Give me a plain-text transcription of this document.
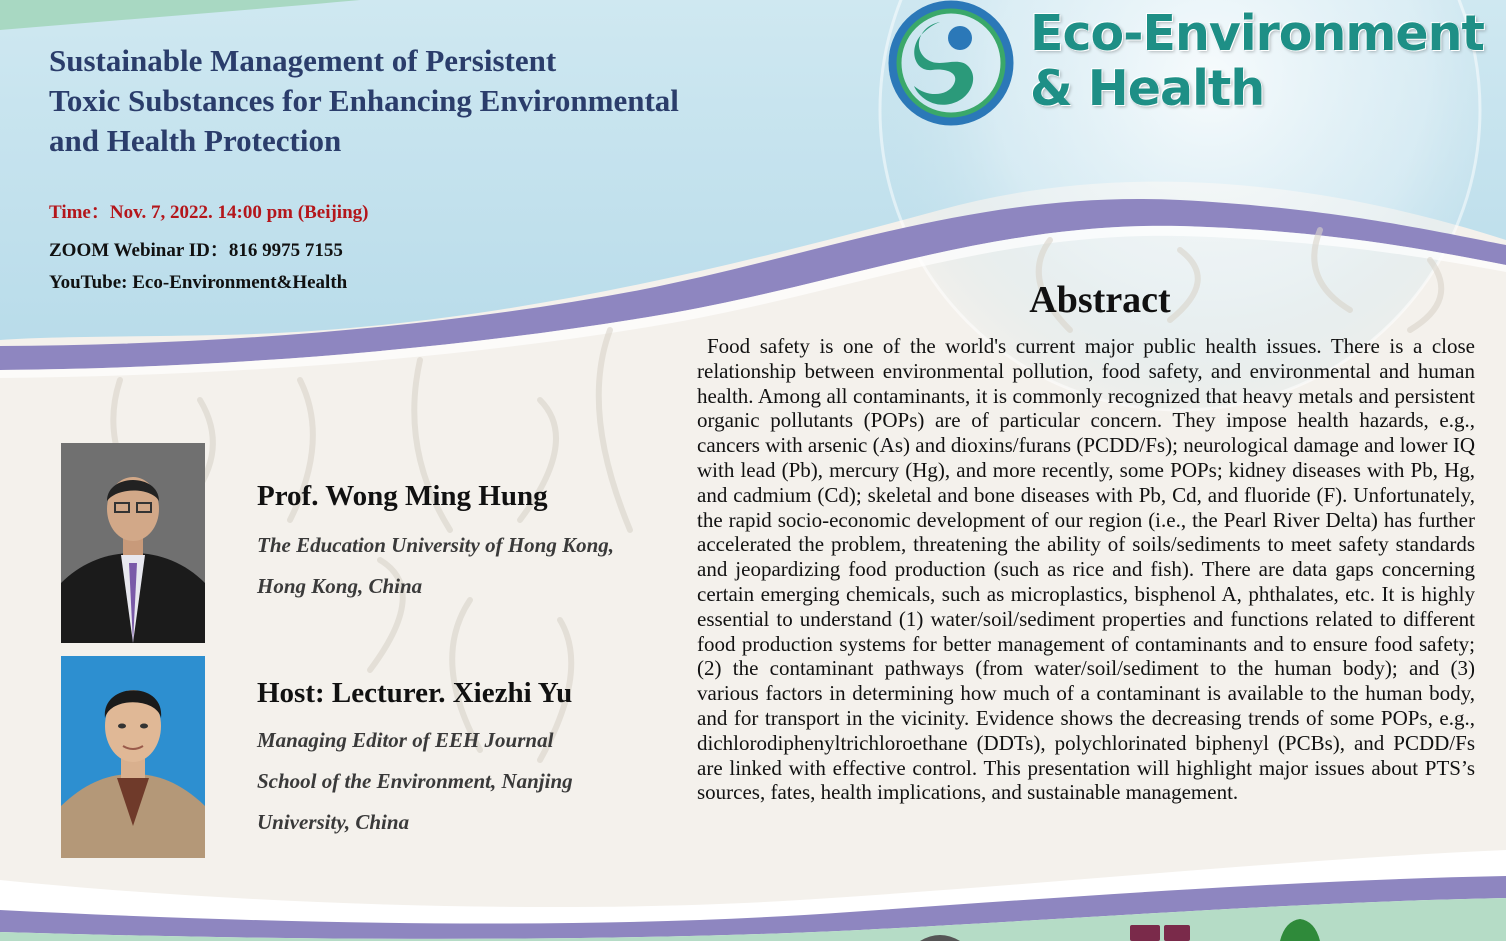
Sustainable Management of Persistent
Toxic Substances for Enhancing Environmental
and Health Protection

Time：Nov. 7, 2022. 14:00 pm (Beijing)

ZOOM Webinar ID：816 9975 7155

YouTube: Eco-Environment&Health

Eco-Environment
& Health

Abstract

Food safety is one of the world's current major public health issues. There is a close relationship between environmental pollution, food safety, and environmental and human health. Among all contaminants, it is commonly recognized that heavy metals and persistent organic pollutants (POPs) are of particular concern. They impose health hazards, e.g., cancers with arsenic (As) and dioxins/furans (PCDD/Fs); neurological damage and lower IQ with lead (Pb), mercury (Hg), and more recently, some POPs; kidney diseases with Pb, Hg, and cadmium (Cd); skeletal and bone diseases with Pb, Cd, and fluoride (F). Unfortunately, the rapid socio-economic development of our region (i.e., the Pearl River Delta) has further accelerated the problem, threatening the ability of soils/sediments to meet safety standards and jeopardizing food production (such as rice and fish). There are data gaps concerning certain emerging chemicals, such as microplastics, bisphenol A, phthalates, etc. It is highly essential to understand (1) water/soil/sediment properties and functions related to different food production systems for better management of contaminants and to ensure food safety; (2) the contaminant pathways (from water/soil/sediment to the human body); and (3) various factors in determining how much of a contaminant is available to the human body, and for transport in the vicinity. Evidence shows the decreasing trends of some POPs, e.g., dichlorodiphenyltrichloroethane (DDTs), polychlorinated biphenyl (PCBs), and PCDD/Fs are linked with effective control. This presentation will highlight major issues about PTS’s sources, fates, health implications, and sustainable management.

Prof. Wong Ming Hung

The Education University of Hong Kong,

Hong Kong, China

Host: Lecturer. Xiezhi Yu

Managing Editor of EEH Journal

School of the Environment, Nanjing

University, China
